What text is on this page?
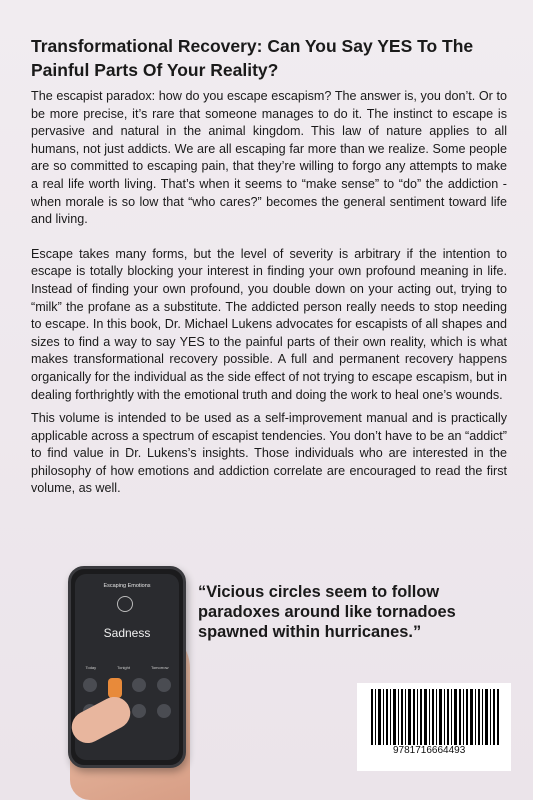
Transformational Recovery: Can You Say YES To The Painful Parts Of Your Reality?

The escapist paradox: how do you escape escapism? The answer is, you don’t. Or to be more precise, it’s rare that someone manages to do it. The instinct to escape is pervasive and natural in the animal kingdom. This law of nature applies to all humans, not just addicts. We are all escaping far more than we realize. Some people are so committed to escaping pain, that they’re willing to forgo any attempts to make a real life worth living. That’s when it seems to “make sense” to “do” the addiction - when morale is so low that “who cares?” becomes the general sentiment toward life and living.

Escape takes many forms, but the level of severity is arbitrary if the intention to escape is totally blocking your interest in finding your own profound meaning in life. Instead of finding your own profound, you double down on your acting out, trying to “milk” the profane as a substitute. The addicted person really needs to stop needing to escape. In this book, Dr. Michael Lukens advocates for escapists of all shapes and sizes to find a way to say YES to the painful parts of their own reality, which is what makes transformational recovery possible. A full and permanent recovery happens organically for the individual as the side effect of not trying to escape escapism, but in dealing forthrightly with the emotional truth and doing the work to heal one’s wounds.

This volume is intended to be used as a self-improvement manual and is practically applicable across a spectrum of escapist tendencies. You don’t have to be an “addict” to find value in Dr. Lukens’s insights. Those individuals who are interested in the philosophy of how emotions and addiction correlate are encouraged to read the first volume, as well.

“Vicious circles seem to follow paradoxes around like tornadoes spawned within hurricanes.”
Escaping Emotions
Sadness
Today	Tonight	Tomorrow
9781716664493
